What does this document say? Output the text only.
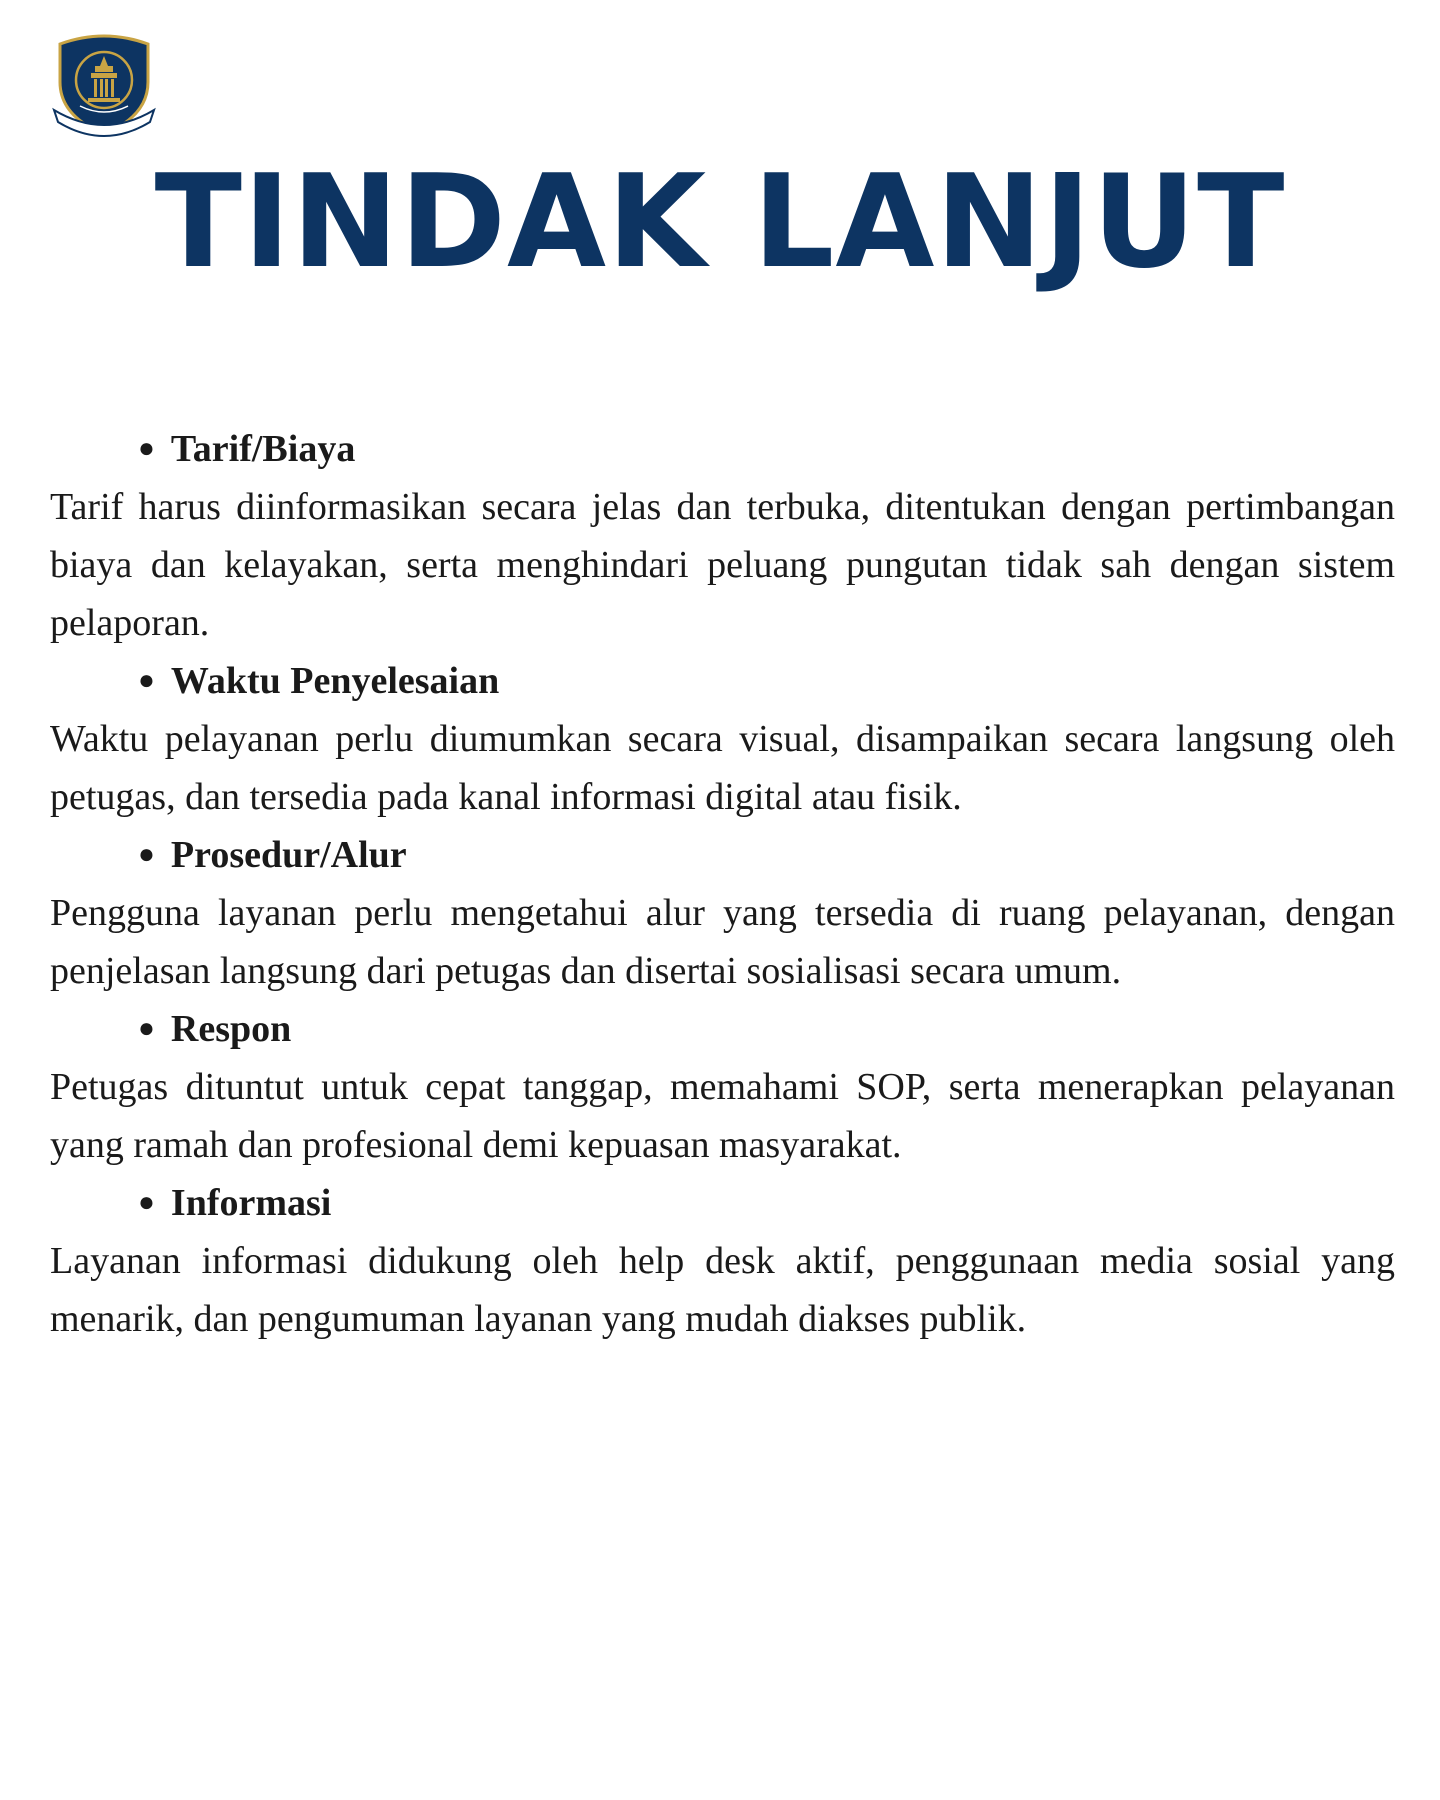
TINDAK LANJUT

● Tarif/Biaya

Tarif harus diinformasikan secara jelas dan terbuka, ditentukan dengan pertimbangan biaya dan kelayakan, serta menghindari peluang pungutan tidak sah dengan sistem pelaporan.

● Waktu Penyelesaian

Waktu pelayanan perlu diumumkan secara visual, disampaikan secara langsung oleh petugas, dan tersedia pada kanal informasi digital atau fisik.

● Prosedur/Alur

Pengguna layanan perlu mengetahui alur yang tersedia di ruang pelayanan, dengan penjelasan langsung dari petugas dan disertai sosialisasi secara umum.

● Respon

Petugas dituntut untuk cepat tanggap, memahami SOP, serta menerapkan pelayanan yang ramah dan profesional demi kepuasan masyarakat.

● Informasi

Layanan informasi didukung oleh help desk aktif, penggunaan media sosial yang menarik, dan pengumuman layanan yang mudah diakses publik.
